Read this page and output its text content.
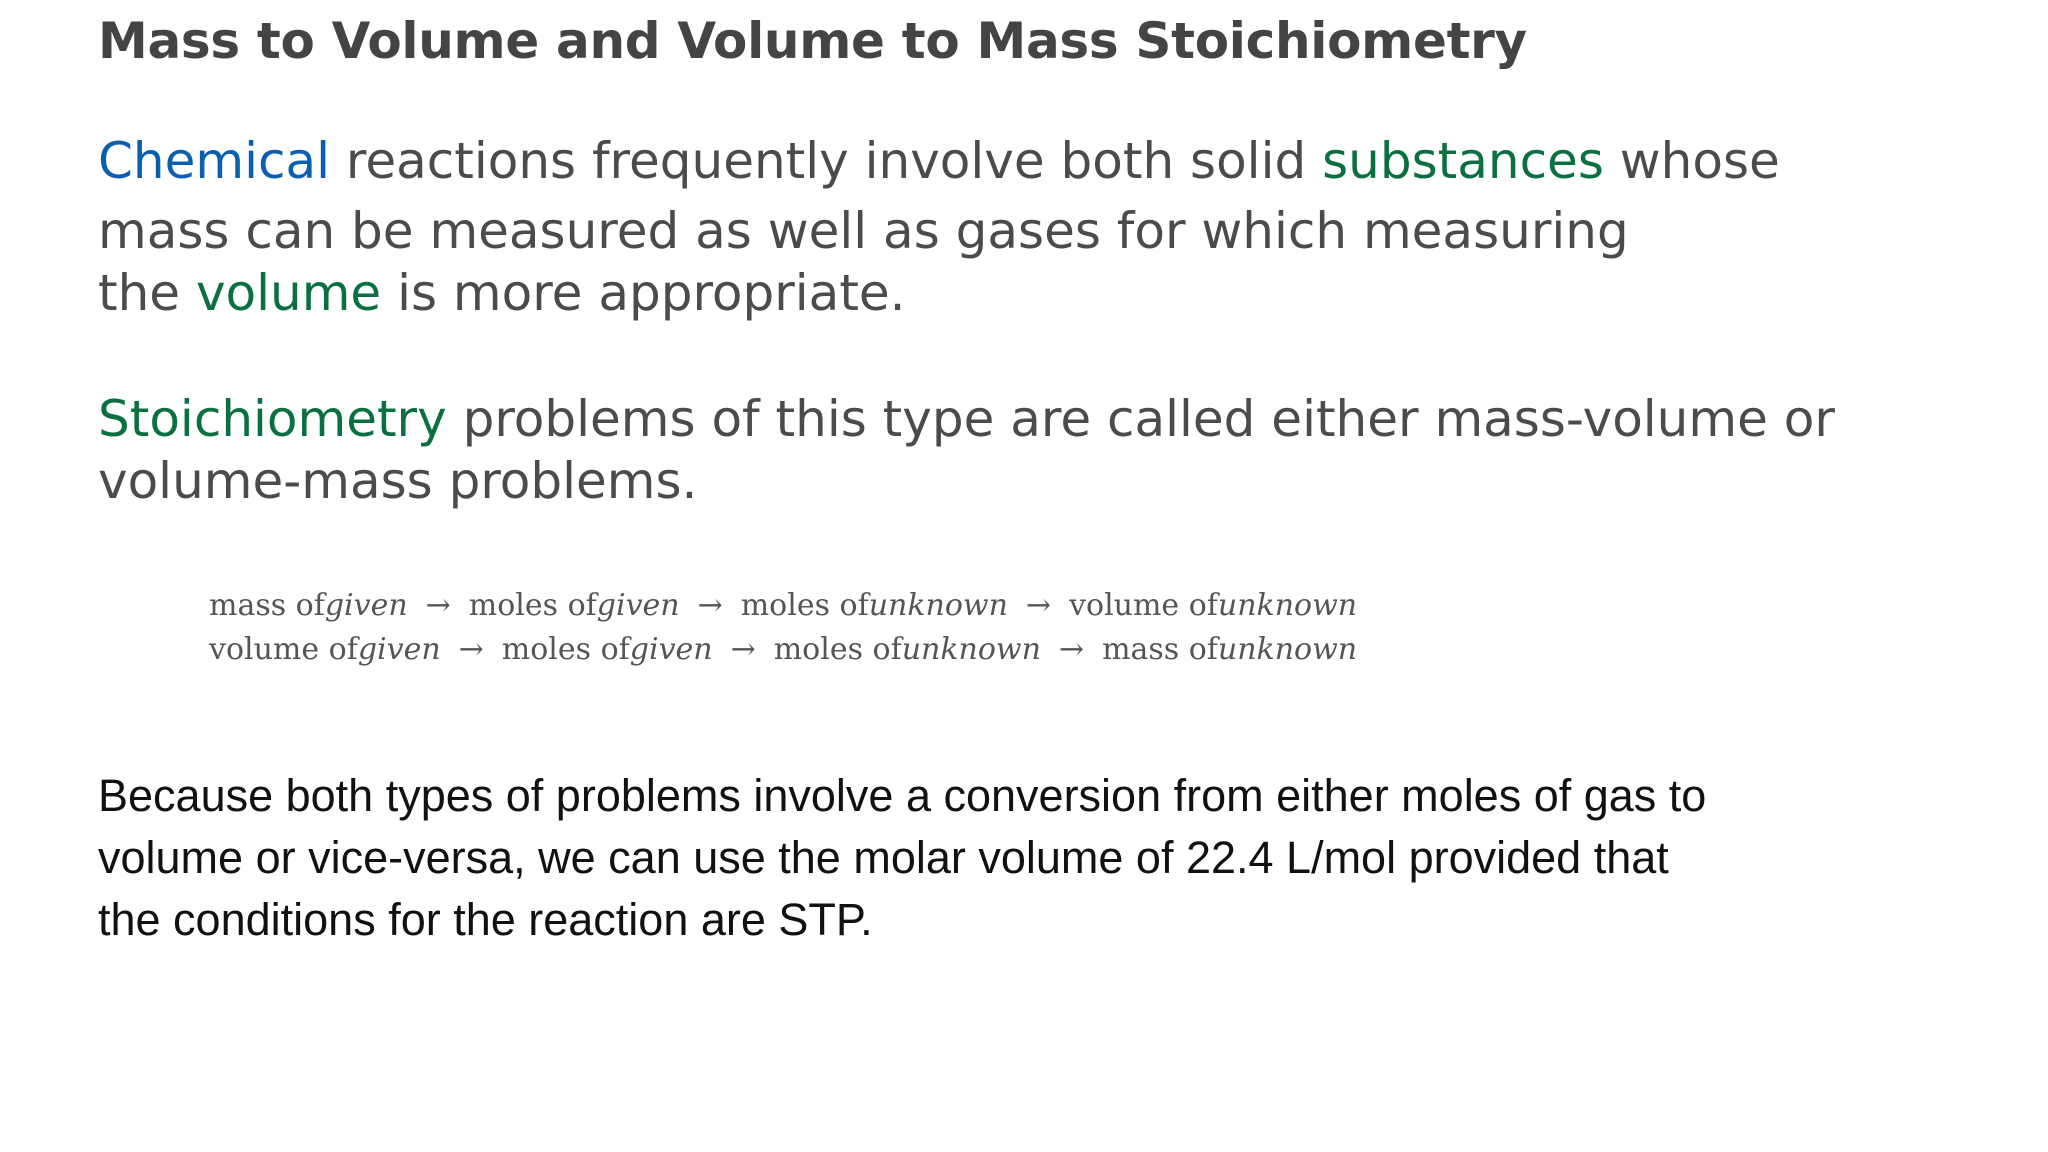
Mass to Volume and Volume to Mass Stoichiometry

Chemical reactions frequently involve both solid substances whose
mass can be measured as well as gases for which measuring
the volume is more appropriate.

Stoichiometry problems of this type are called either mass-volume or
volume-mass problems.

mass ofgiven → moles ofgiven → moles ofunknown → volume ofunknown
volume ofgiven → moles ofgiven → moles ofunknown → mass ofunknown

Because both types of problems involve a conversion from either moles of gas to
volume or vice-versa, we can use the molar volume of 22.4 L/mol provided that
the conditions for the reaction are STP.
